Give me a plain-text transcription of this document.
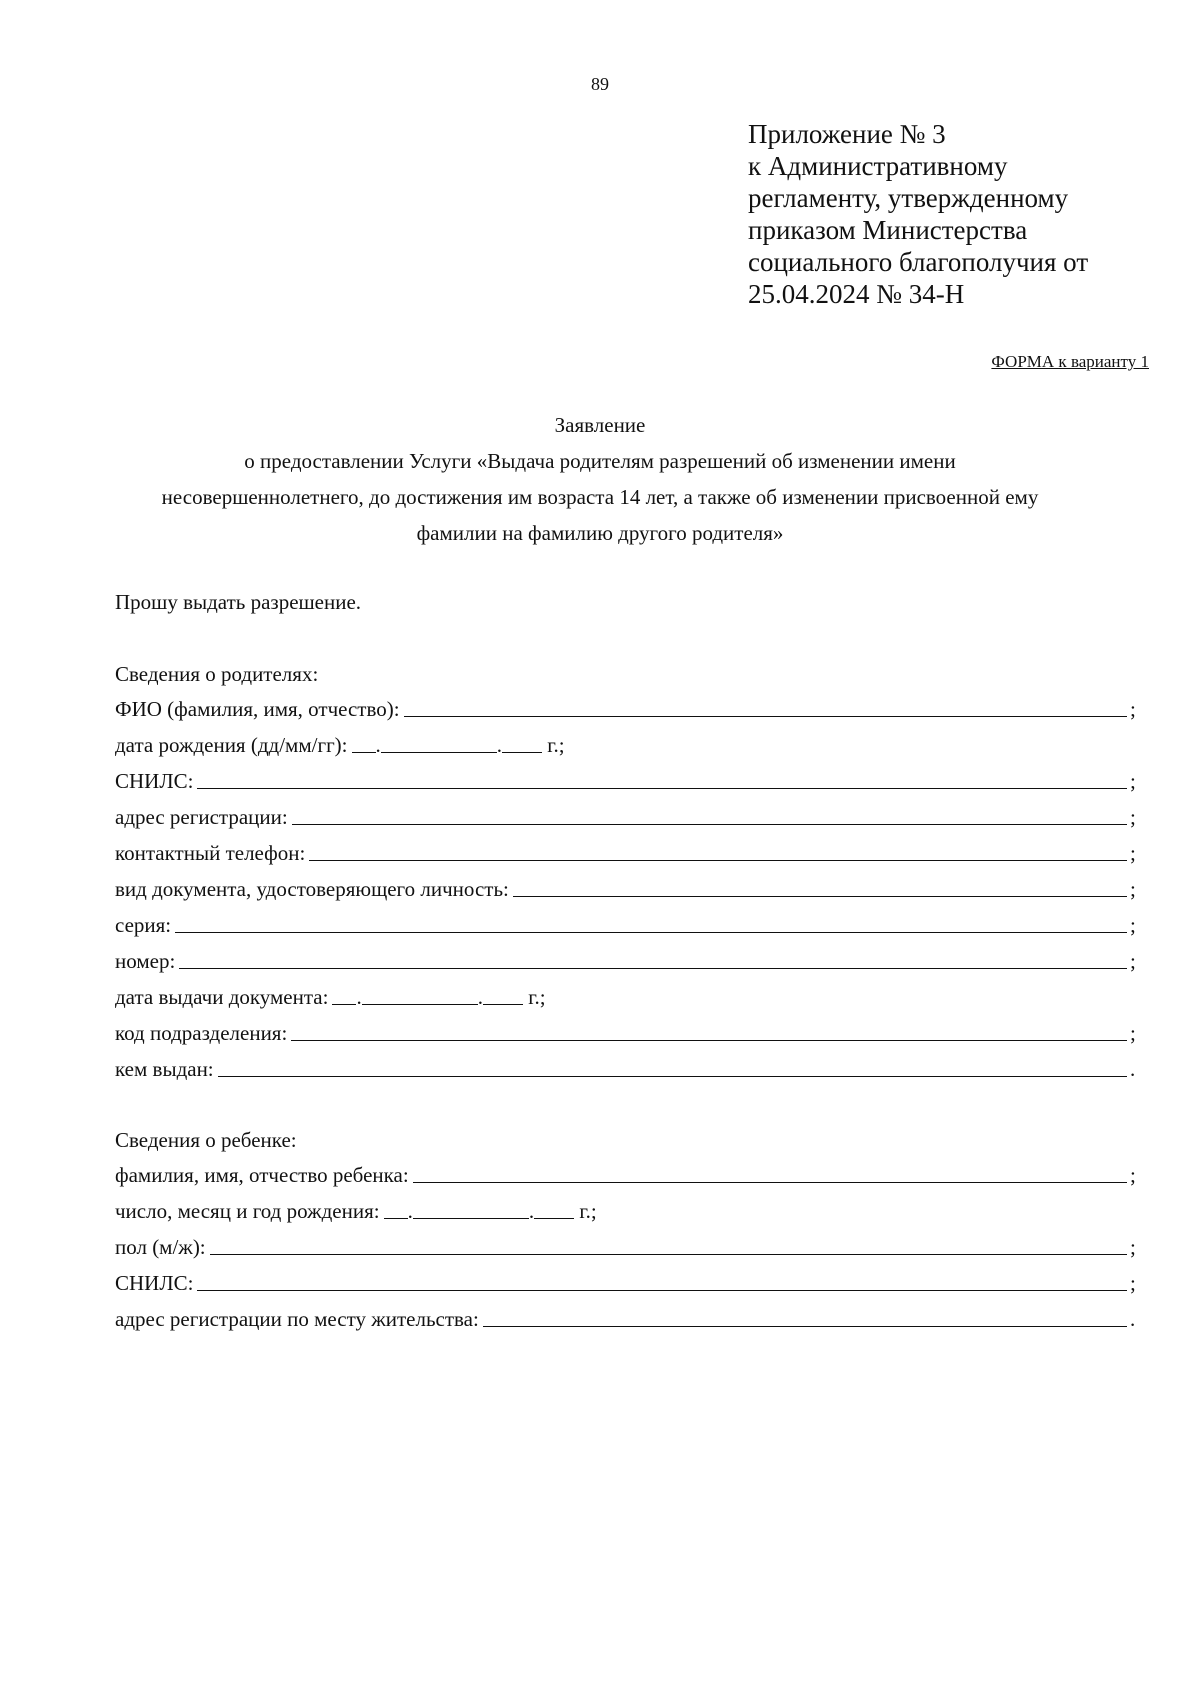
89
Приложение № 3
к Административному
регламенту, утвержденному
приказом Министерства
социального благополучия от
25.04.2024 № 34-Н
ФОРМА к варианту 1
Заявление
о предоставлении Услуги «Выдача родителям разрешений об изменении имени
несовершеннолетнего, до достижения им возраста 14 лет, а также об изменении присвоенной ему
фамилии на фамилию другого родителя»
Прошу выдать разрешение.
Сведения о родителях:
ФИО (фамилия, имя, отчество):	;
дата рождения (дд/мм/гг): .	. г.;
СНИЛС:	;
адрес регистрации:	;
контактный телефон:	;
вид документа, удостоверяющего личность:	;
серия:	;
номер:	;
дата выдачи документа: .	. г.;
код подразделения:	;
кем выдан:	.
Сведения о ребенке:
фамилия, имя, отчество ребенка:	;
число, месяц и год рождения: .	. г.;
пол (м/ж):	;
СНИЛС:	;
адрес регистрации по месту жительства:	.
